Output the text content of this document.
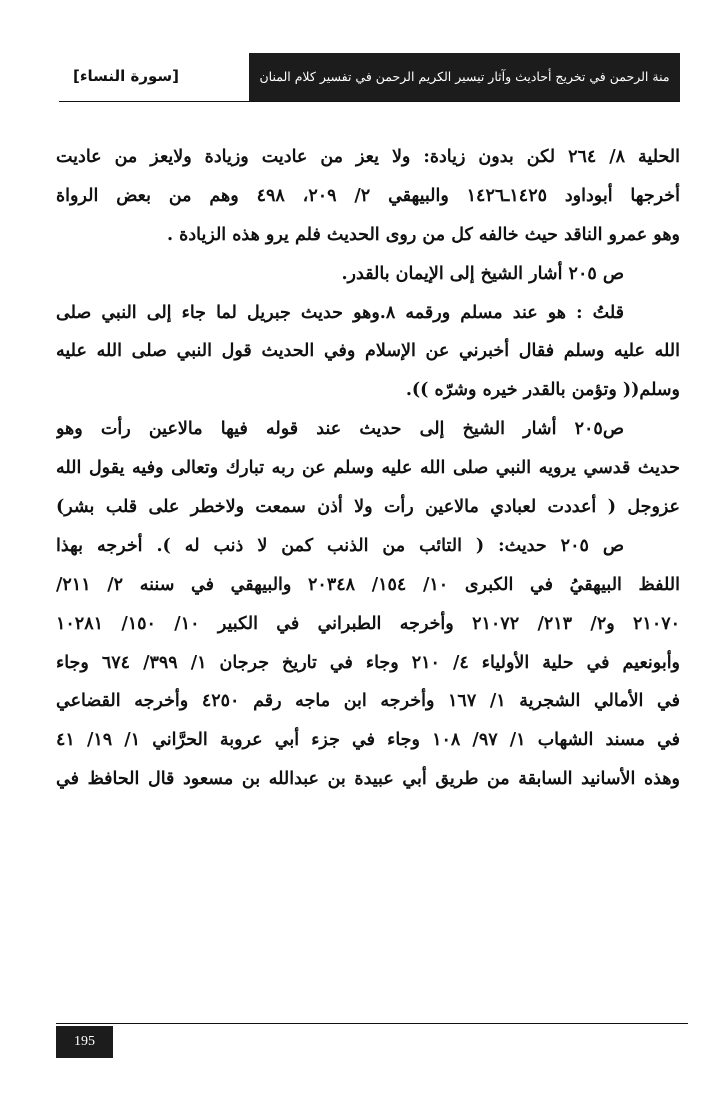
منة الرحمن في تخريج أحاديث وآثار تيسير الكريم الرحمن في تفسير كلام المنان
[سورة النساء]
الحلية ٨/ ٢٦٤ لكن بدون زيادة: ولا يعز من عاديت وزيادة ولايعز من عاديت
أخرجها أبوداود ١٤٢٥ـ١٤٢٦ والبيهقي ٢/ ٢٠٩، ٤٩٨ وهم من بعض الرواة
وهو عمرو الناقد حيث خالفه كل من روى الحديث فلم يرو هذه الزيادة .
ص ٢٠٥ أشار الشيخ إلى الإيمان بالقدر.
قلتُ : هو عند مسلم ورقمه ٨.وهو حديث جبريل لما جاء إلى النبي صلى
الله عليه وسلم فقال أخبرني عن الإسلام وفي الحديث قول النبي صلى الله عليه
وسلم(( وتؤمن بالقدر خيره وشرّه )).
ص٢٠٥ أشار الشيخ إلى حديث عند قوله فيها مالاعين رأت وهو
حديث قدسي يرويه النبي صلى الله عليه وسلم عن ربه تبارك وتعالى وفيه يقول الله
عزوجل ( أعددت لعبادي مالاعين رأت ولا أذن سمعت ولاخطر على قلب بشر)
ص ٢٠٥ حديث: ( التائب من الذنب كمن لا ذنب له ). أخرجه بهذا
اللفظ البيهقيُ في الكبرى ١٠/ ١٥٤/ ٢٠٣٤٨ والبيهقي في سننه ٢/ ٢١١/
٢١٠٧٠ و٢/ ٢١٣/ ٢١٠٧٢ وأخرجه الطبراني في الكبير ١٠/ ١٥٠/ ١٠٢٨١
وأبونعيم في حلية الأولياء ٤/ ٢١٠ وجاء في تاريخ جرجان ١/ ٣٩٩/ ٦٧٤ وجاء
في الأمالي الشجرية ١/ ١٦٧ وأخرجه ابن ماجه رقم ٤٢٥٠ وأخرجه القضاعي
في مسند الشهاب ١/ ٩٧/ ١٠٨ وجاء في جزء أبي عروبة الحرَّاني ١/ ١٩/ ٤١
وهذه الأسانيد السابقة من طريق أبي عبيدة بن عبدالله بن مسعود قال الحافظ في
195
